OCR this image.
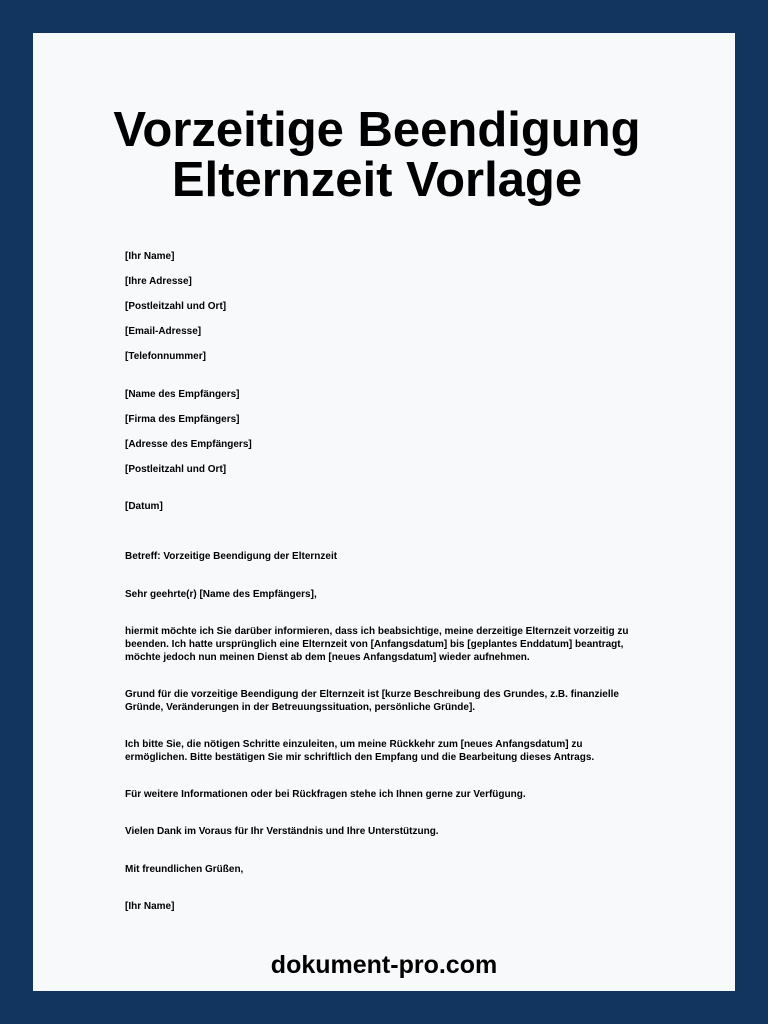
Vorzeitige Beendigung
Elternzeit Vorlage
[Ihr Name]
[Ihre Adresse]
[Postleitzahl und Ort]
[Email-Adresse]
[Telefonnummer]
[Name des Empfängers]
[Firma des Empfängers]
[Adresse des Empfängers]
[Postleitzahl und Ort]
[Datum]
Betreff: Vorzeitige Beendigung der Elternzeit
Sehr geehrte(r) [Name des Empfängers],
hiermit möchte ich Sie darüber informieren, dass ich beabsichtige, meine derzeitige Elternzeit vorzeitig zu
beenden. Ich hatte ursprünglich eine Elternzeit von [Anfangsdatum] bis [geplantes Enddatum] beantragt,
möchte jedoch nun meinen Dienst ab dem [neues Anfangsdatum] wieder aufnehmen.
Grund für die vorzeitige Beendigung der Elternzeit ist [kurze Beschreibung des Grundes, z.B. finanzielle
Gründe, Veränderungen in der Betreuungssituation, persönliche Gründe].
Ich bitte Sie, die nötigen Schritte einzuleiten, um meine Rückkehr zum [neues Anfangsdatum] zu
ermöglichen. Bitte bestätigen Sie mir schriftlich den Empfang und die Bearbeitung dieses Antrags.
Für weitere Informationen oder bei Rückfragen stehe ich Ihnen gerne zur Verfügung.
Vielen Dank im Voraus für Ihr Verständnis und Ihre Unterstützung.
Mit freundlichen Grüßen,
[Ihr Name]
dokument-pro.com
